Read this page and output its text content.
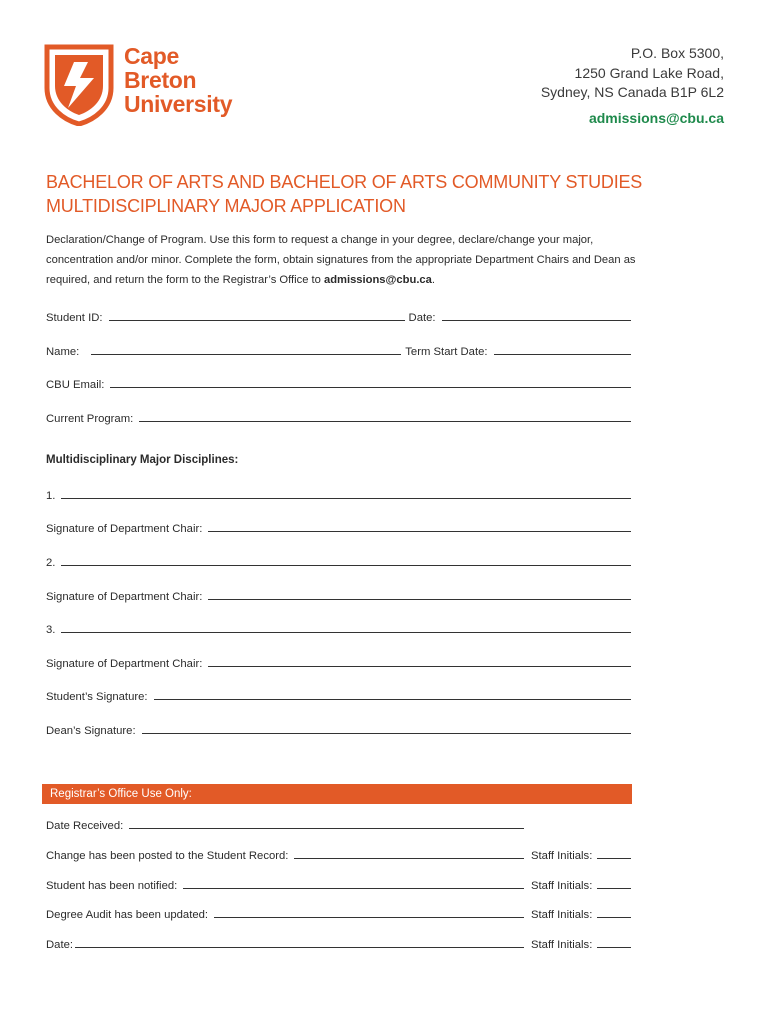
Cape
Breton
University
P.O. Box 5300,
1250 Grand Lake Road,
Sydney, NS Canada B1P 6L2
admissions@cbu.ca
BACHELOR OF ARTS AND BACHELOR OF ARTS COMMUNITY STUDIES
MULTIDISCIPLINARY MAJOR APPLICATION
Declaration/Change of Program. Use this form to request a change in your degree, declare/change your major, concentration and/or minor. Complete the form, obtain signatures from the appropriate Department Chairs and Dean as required, and return the form to the Registrar’s Office to admissions@cbu.ca.
Student ID:	Date:
Name:	Term Start Date:
CBU Email:
Current Program:
Multidisciplinary Major Disciplines:
1.
Signature of Department Chair:
2.
Signature of Department Chair:
3.
Signature of Department Chair:
Student’s Signature:
Dean’s Signature:
Registrar’s Office Use Only:
Date Received:
Change has been posted to the Student Record:	Staff Initials:
Student has been notified:	Staff Initials:
Degree Audit has been updated:	Staff Initials:
Date:	Staff Initials:
